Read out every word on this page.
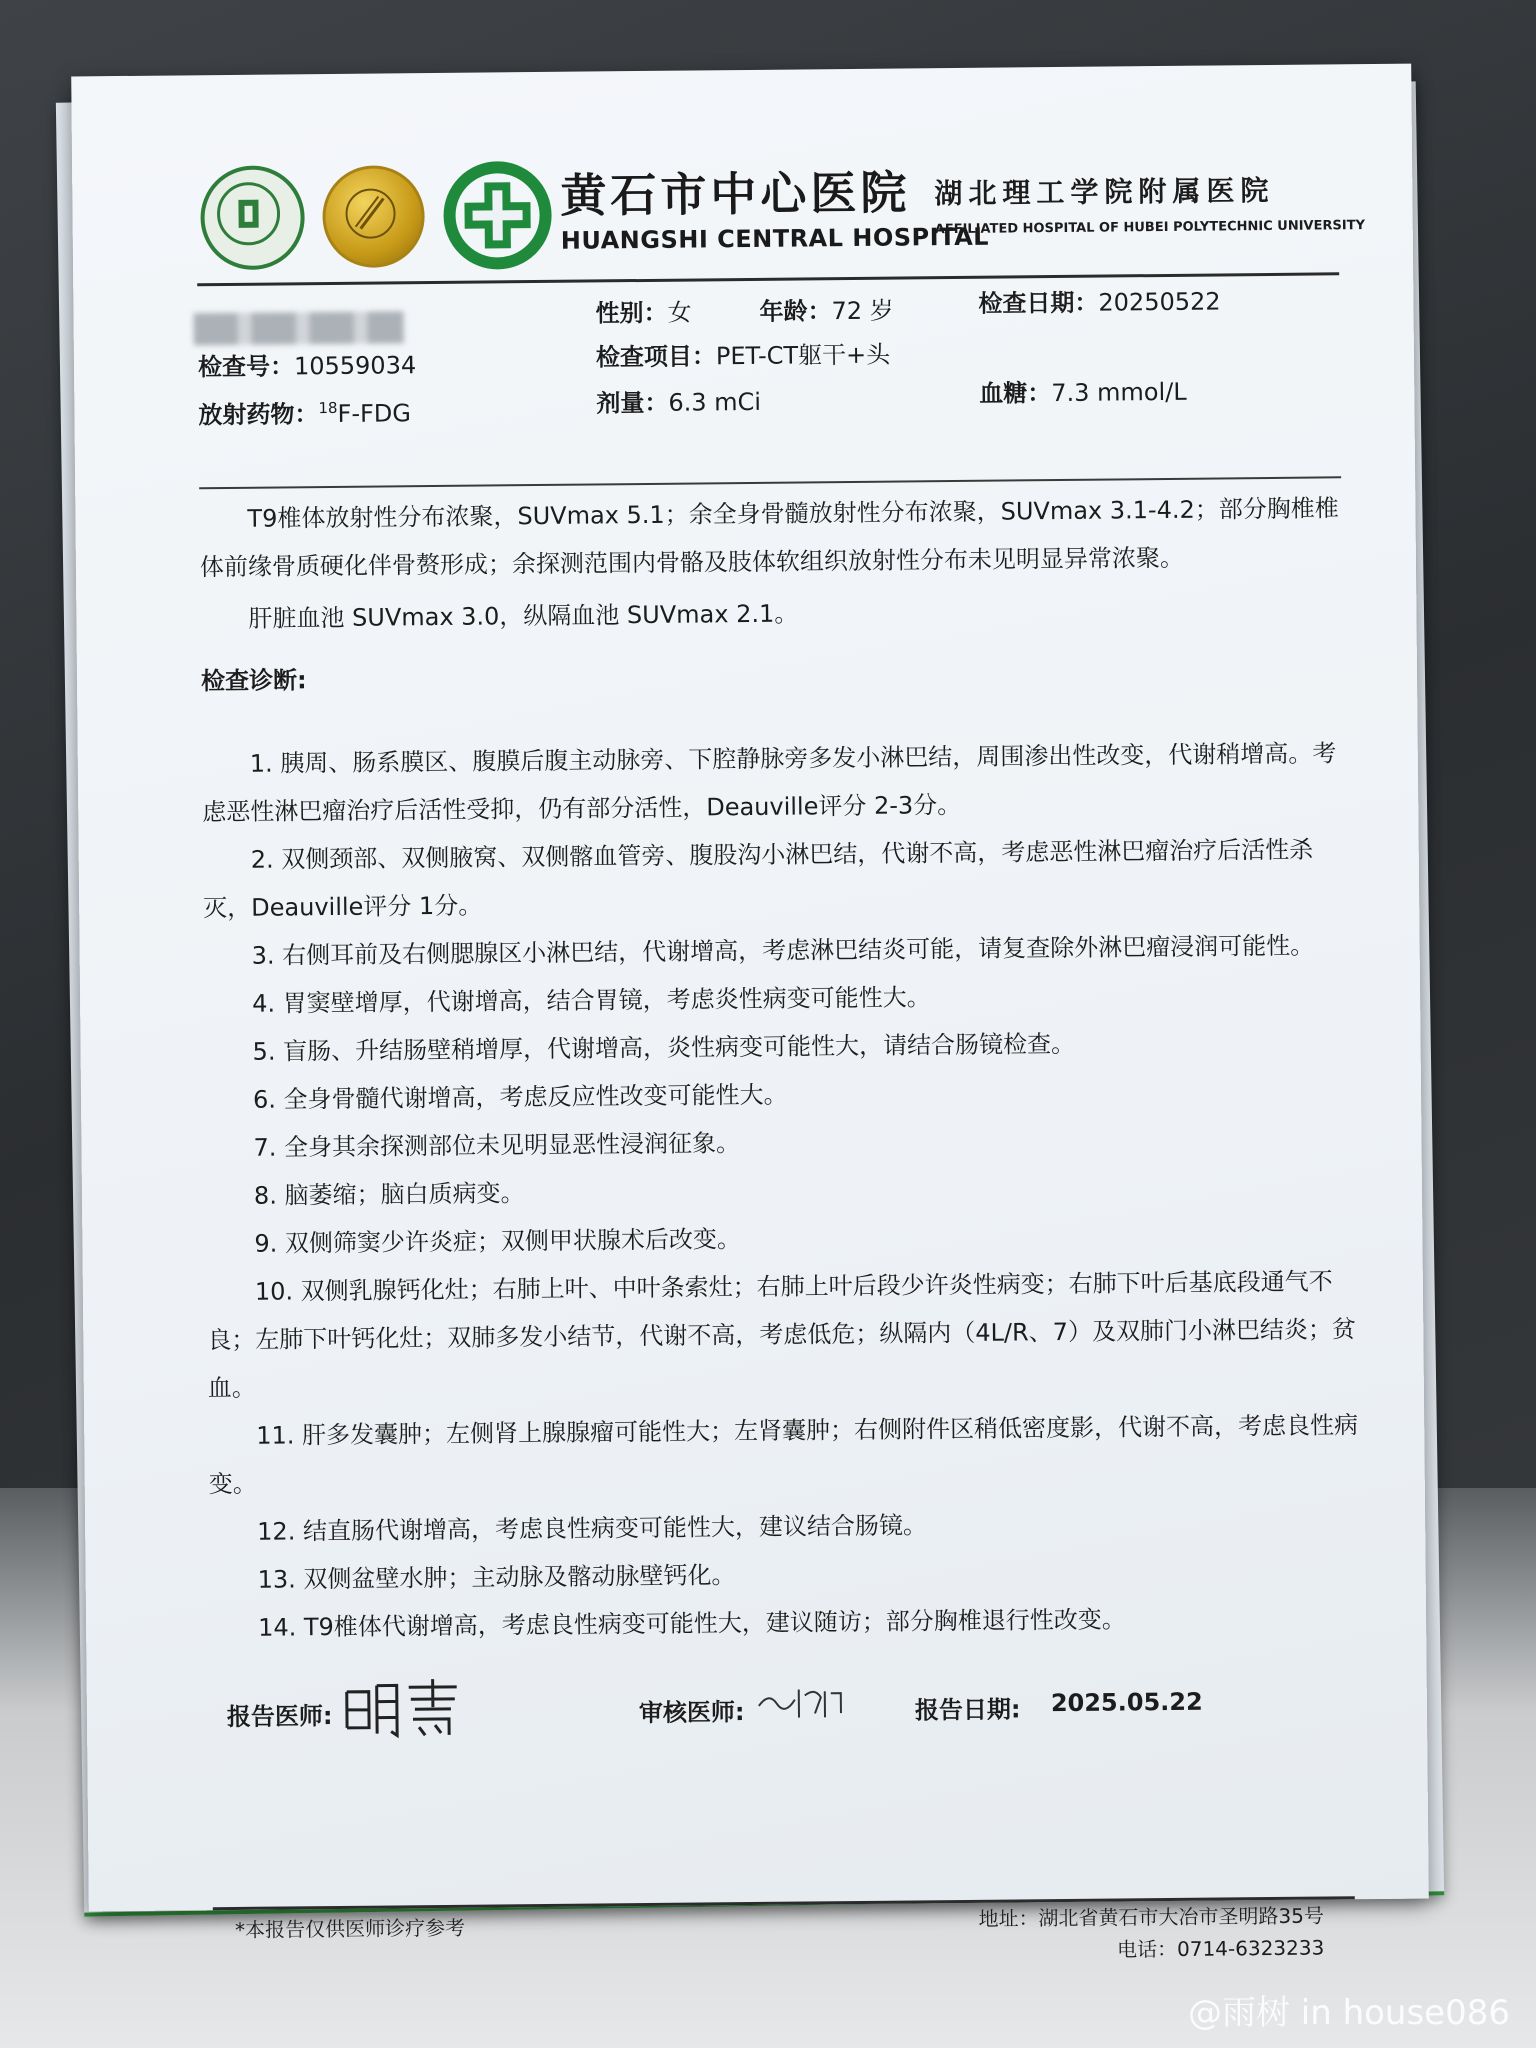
黄石市中心医院
HUANGSHI CENTRAL HOSPITAL
湖北理工学院附属医院
AFFILIATED HOSPITAL OF HUBEI POLYTECHNIC UNIVERSITY
性别：女	年龄：72 岁	检查日期：20250522
检查号：10559034	检查项目：PET-CT躯干+头
放射药物：$^{18}$F-FDG	剂量：6.3 mCi	血糖：7.3 mmol/L
T9椎体放射性分布浓聚，SUVmax 5.1；余全身骨髓放射性分布浓聚，SUVmax 3.1-4.2；部分胸椎椎体前缘骨质硬化伴骨赘形成；余探测范围内骨骼及肢体软组织放射性分布未见明显异常浓聚。
肝脏血池 SUVmax 3.0，纵隔血池 SUVmax 2.1。
检查诊断:
1. 胰周、肠系膜区、腹膜后腹主动脉旁、下腔静脉旁多发小淋巴结，周围渗出性改变，代谢稍增高。考虑恶性淋巴瘤治疗后活性受抑，仍有部分活性，Deauville评分 2-3分。
2. 双侧颈部、双侧腋窝、双侧髂血管旁、腹股沟小淋巴结，代谢不高，考虑恶性淋巴瘤治疗后活性杀灭，Deauville评分 1分。
3. 右侧耳前及右侧腮腺区小淋巴结，代谢增高，考虑淋巴结炎可能，请复查除外淋巴瘤浸润可能性。
4. 胃窦壁增厚，代谢增高，结合胃镜，考虑炎性病变可能性大。
5. 盲肠、升结肠壁稍增厚，代谢增高，炎性病变可能性大，请结合肠镜检查。
6. 全身骨髓代谢增高，考虑反应性改变可能性大。
7. 全身其余探测部位未见明显恶性浸润征象。
8. 脑萎缩；脑白质病变。
9. 双侧筛窦少许炎症；双侧甲状腺术后改变。
10. 双侧乳腺钙化灶；右肺上叶、中叶条索灶；右肺上叶后段少许炎性病变；右肺下叶后基底段通气不良；左肺下叶钙化灶；双肺多发小结节，代谢不高，考虑低危；纵隔内（4L/R、7）及双肺门小淋巴结炎；贫血。
11. 肝多发囊肿；左侧肾上腺腺瘤可能性大；左肾囊肿；右侧附件区稍低密度影，代谢不高，考虑良性病变。
12. 结直肠代谢增高，考虑良性病变可能性大，建议结合肠镜。
13. 双侧盆壁水肿；主动脉及髂动脉壁钙化。
14. T9椎体代谢增高，考虑良性病变可能性大，建议随访；部分胸椎退行性改变。
报告医师:	审核医师:	报告日期: 2025.05.22
*本报告仅供医师诊疗参考	地址：湖北省黄石市大冶市圣明路35号
电话：0714-6323233
@雨树 in house086
